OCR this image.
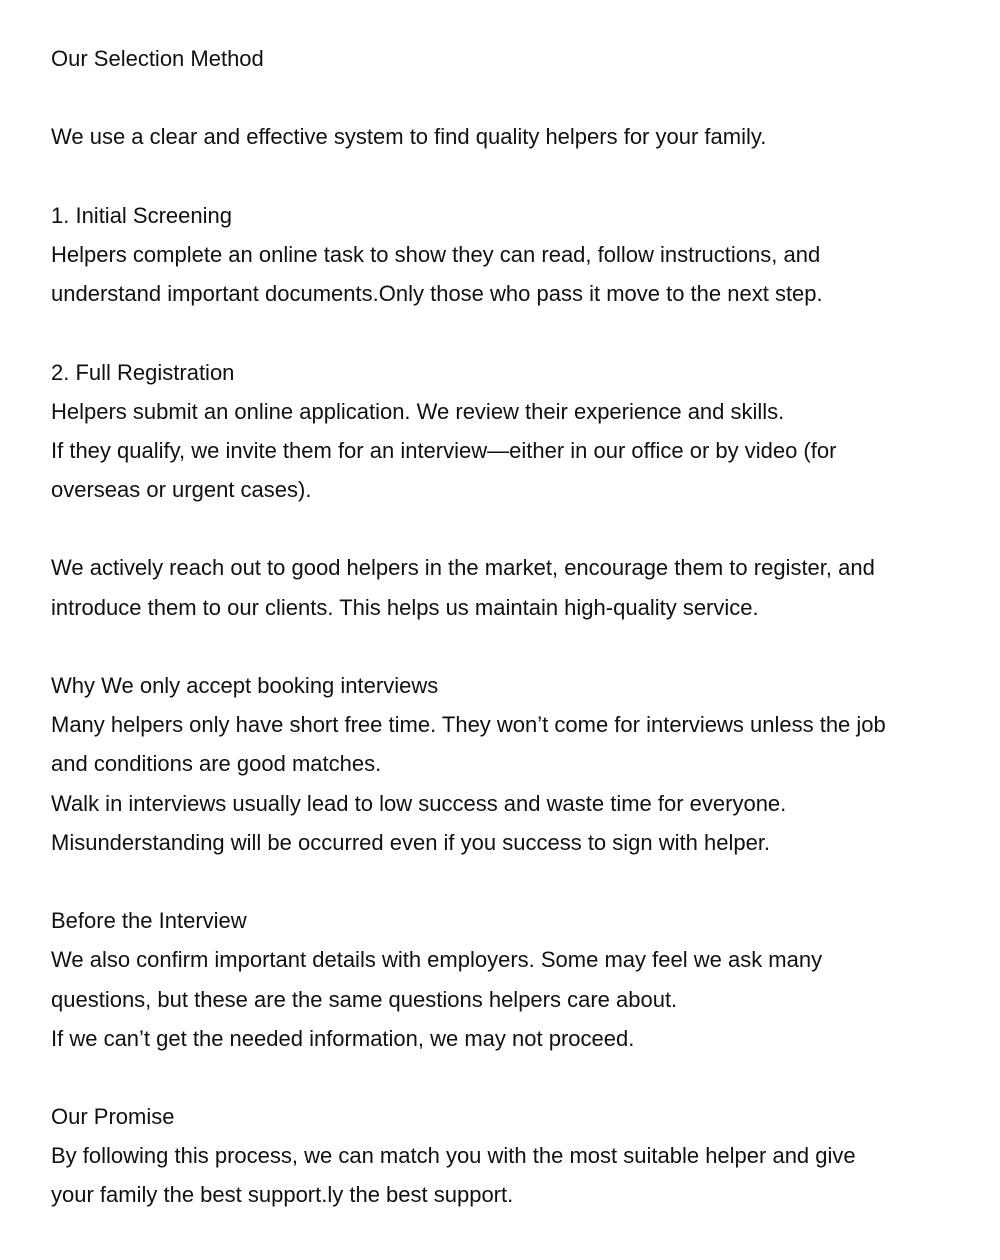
Our Selection Method
We use a clear and effective system to find quality helpers for your family.
1. Initial Screening
Helpers complete an online task to show they can read, follow instructions, and
understand important documents.Only those who pass it move to the next step.
2. Full Registration
Helpers submit an online application. We review their experience and skills.
If they qualify, we invite them for an interview—either in our office or by video (for
overseas or urgent cases).
We actively reach out to good helpers in the market, encourage them to register, and
introduce them to our clients. This helps us maintain high-quality service.
Why We only accept booking interviews
Many helpers only have short free time. They won’t come for interviews unless the job
and conditions are good matches.
Walk in interviews usually lead to low success and waste time for everyone.
Misunderstanding will be occurred even if you success to sign with helper.
Before the Interview
We also confirm important details with employers. Some may feel we ask many
questions, but these are the same questions helpers care about.
If we can’t get the needed information, we may not proceed.
Our Promise
By following this process, we can match you with the most suitable helper and give
your family the best support.ly the best support.
